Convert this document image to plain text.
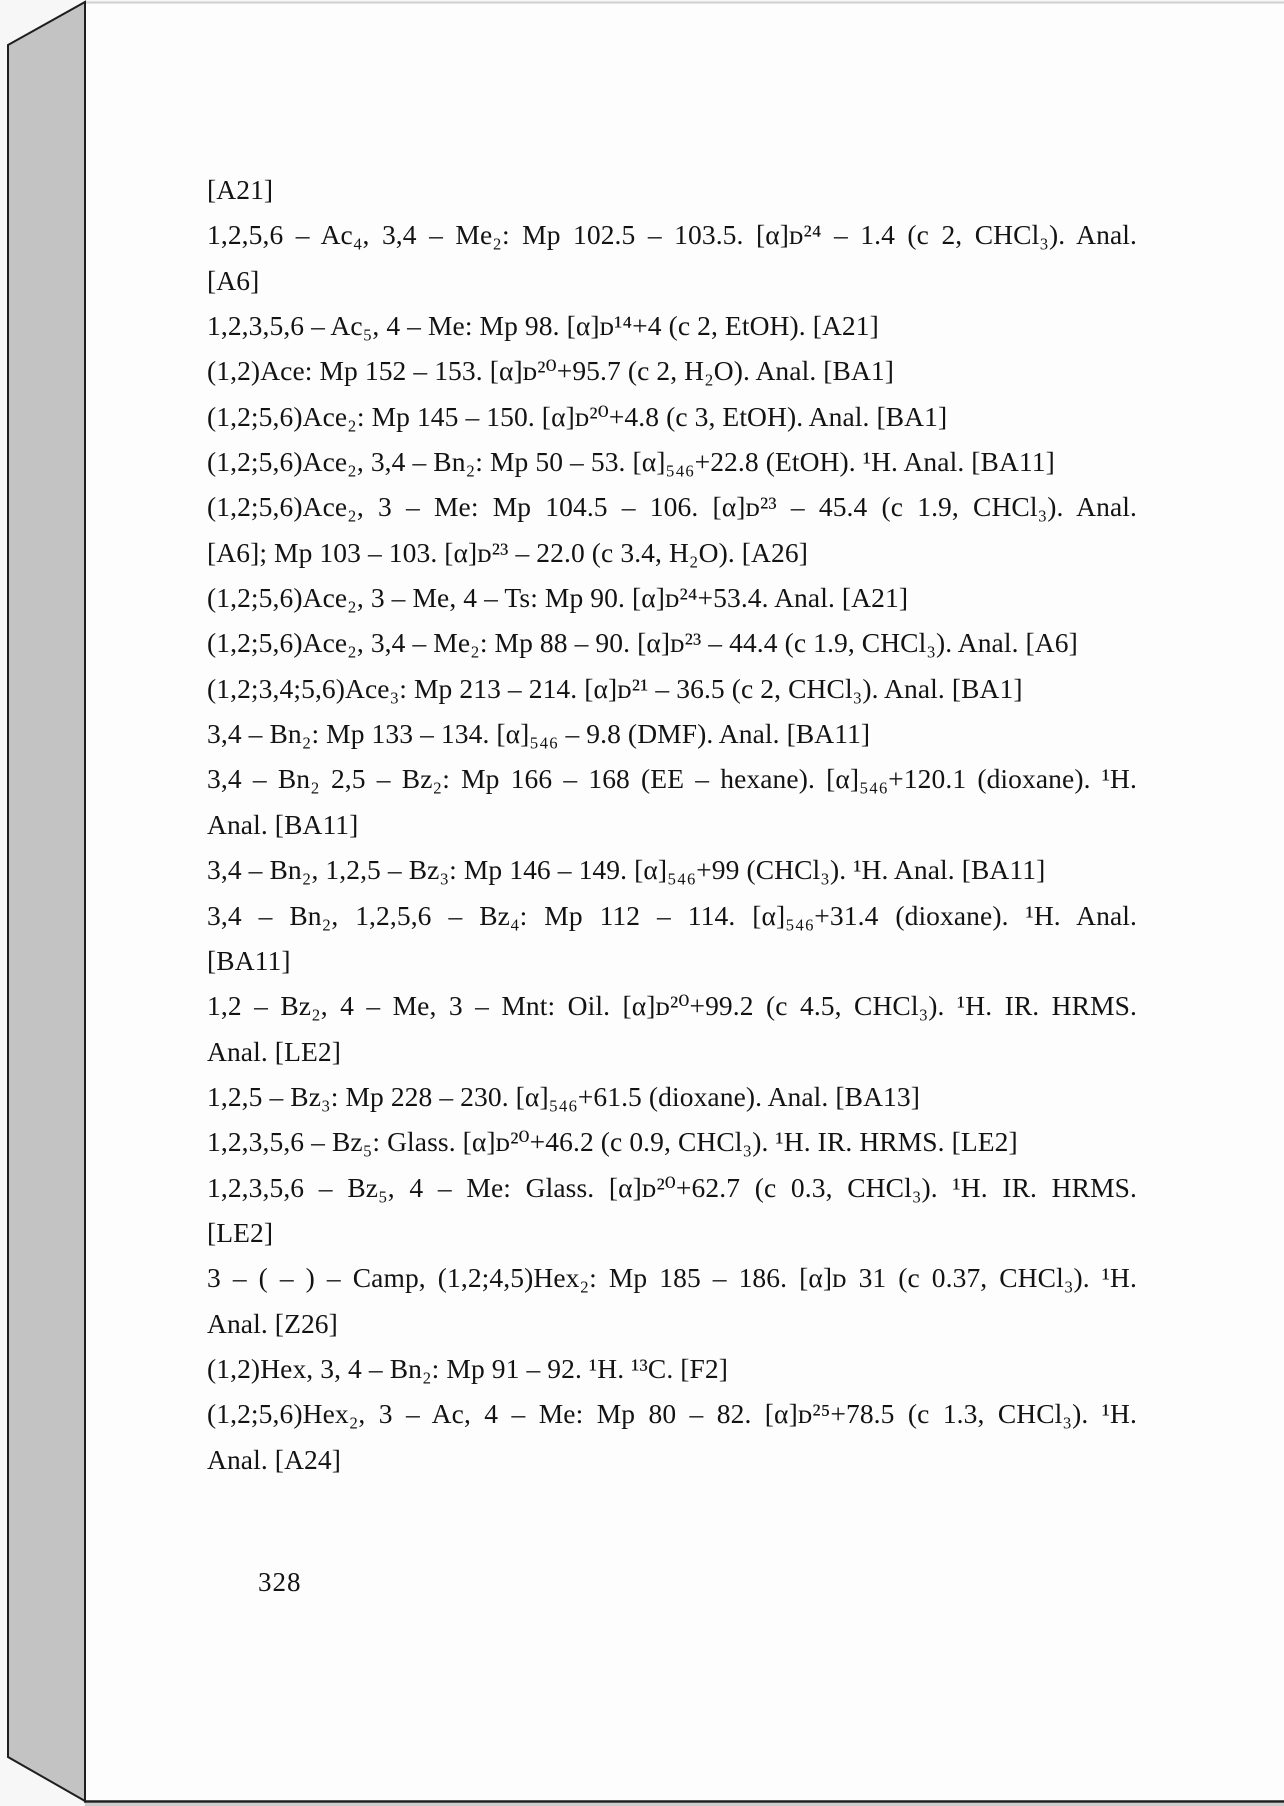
[A21]
1,2,5,6 – Ac₄, 3,4 – Me₂: Mp 102.5 – 103.5. [α]ᴅ²⁴ – 1.4 (c 2, CHCl₃). Anal.
[A6]
1,2,3,5,6 – Ac₅, 4 – Me: Mp 98. [α]ᴅ¹⁴+4 (c 2, EtOH). [A21]
(1,2)Ace: Mp 152 – 153. [α]ᴅ²⁰+95.7 (c 2, H₂O). Anal. [BA1]
(1,2;5,6)Ace₂: Mp 145 – 150. [α]ᴅ²⁰+4.8 (c 3, EtOH). Anal. [BA1]
(1,2;5,6)Ace₂, 3,4 – Bn₂: Mp 50 – 53. [α]₅₄₆+22.8 (EtOH). ¹H. Anal. [BA11]
(1,2;5,6)Ace₂, 3 – Me: Mp 104.5 – 106. [α]ᴅ²³ – 45.4 (c 1.9, CHCl₃). Anal.
[A6]; Mp 103 – 103. [α]ᴅ²³ – 22.0 (c 3.4, H₂O). [A26]
(1,2;5,6)Ace₂, 3 – Me, 4 – Ts: Mp 90. [α]ᴅ²⁴+53.4. Anal. [A21]
(1,2;5,6)Ace₂, 3,4 – Me₂: Mp 88 – 90. [α]ᴅ²³ – 44.4 (c 1.9, CHCl₃). Anal. [A6]
(1,2;3,4;5,6)Ace₃: Mp 213 – 214. [α]ᴅ²¹ – 36.5 (c 2, CHCl₃). Anal. [BA1]
3,4 – Bn₂: Mp 133 – 134. [α]₅₄₆ – 9.8 (DMF). Anal. [BA11]
3,4 – Bn₂ 2,5 – Bz₂: Mp 166 – 168 (EE – hexane). [α]₅₄₆+120.1 (dioxane). ¹H.
Anal. [BA11]
3,4 – Bn₂, 1,2,5 – Bz₃: Mp 146 – 149. [α]₅₄₆+99 (CHCl₃). ¹H. Anal. [BA11]
3,4 – Bn₂, 1,2,5,6 – Bz₄: Mp 112 – 114. [α]₅₄₆+31.4 (dioxane). ¹H. Anal.
[BA11]
1,2 – Bz₂, 4 – Me, 3 – Mnt: Oil. [α]ᴅ²⁰+99.2 (c 4.5, CHCl₃). ¹H. IR. HRMS.
Anal. [LE2]
1,2,5 – Bz₃: Mp 228 – 230. [α]₅₄₆+61.5 (dioxane). Anal. [BA13]
1,2,3,5,6 – Bz₅: Glass. [α]ᴅ²⁰+46.2 (c 0.9, CHCl₃). ¹H. IR. HRMS. [LE2]
1,2,3,5,6 – Bz₅, 4 – Me: Glass. [α]ᴅ²⁰+62.7 (c 0.3, CHCl₃). ¹H. IR. HRMS.
[LE2]
3 – ( – ) – Camp, (1,2;4,5)Hex₂: Mp 185 – 186. [α]ᴅ 31 (c 0.37, CHCl₃). ¹H.
Anal. [Z26]
(1,2)Hex, 3, 4 – Bn₂: Mp 91 – 92. ¹H. ¹³C. [F2]
(1,2;5,6)Hex₂, 3 – Ac, 4 – Me: Mp 80 – 82. [α]ᴅ²⁵+78.5 (c 1.3, CHCl₃). ¹H.
Anal. [A24]
328
